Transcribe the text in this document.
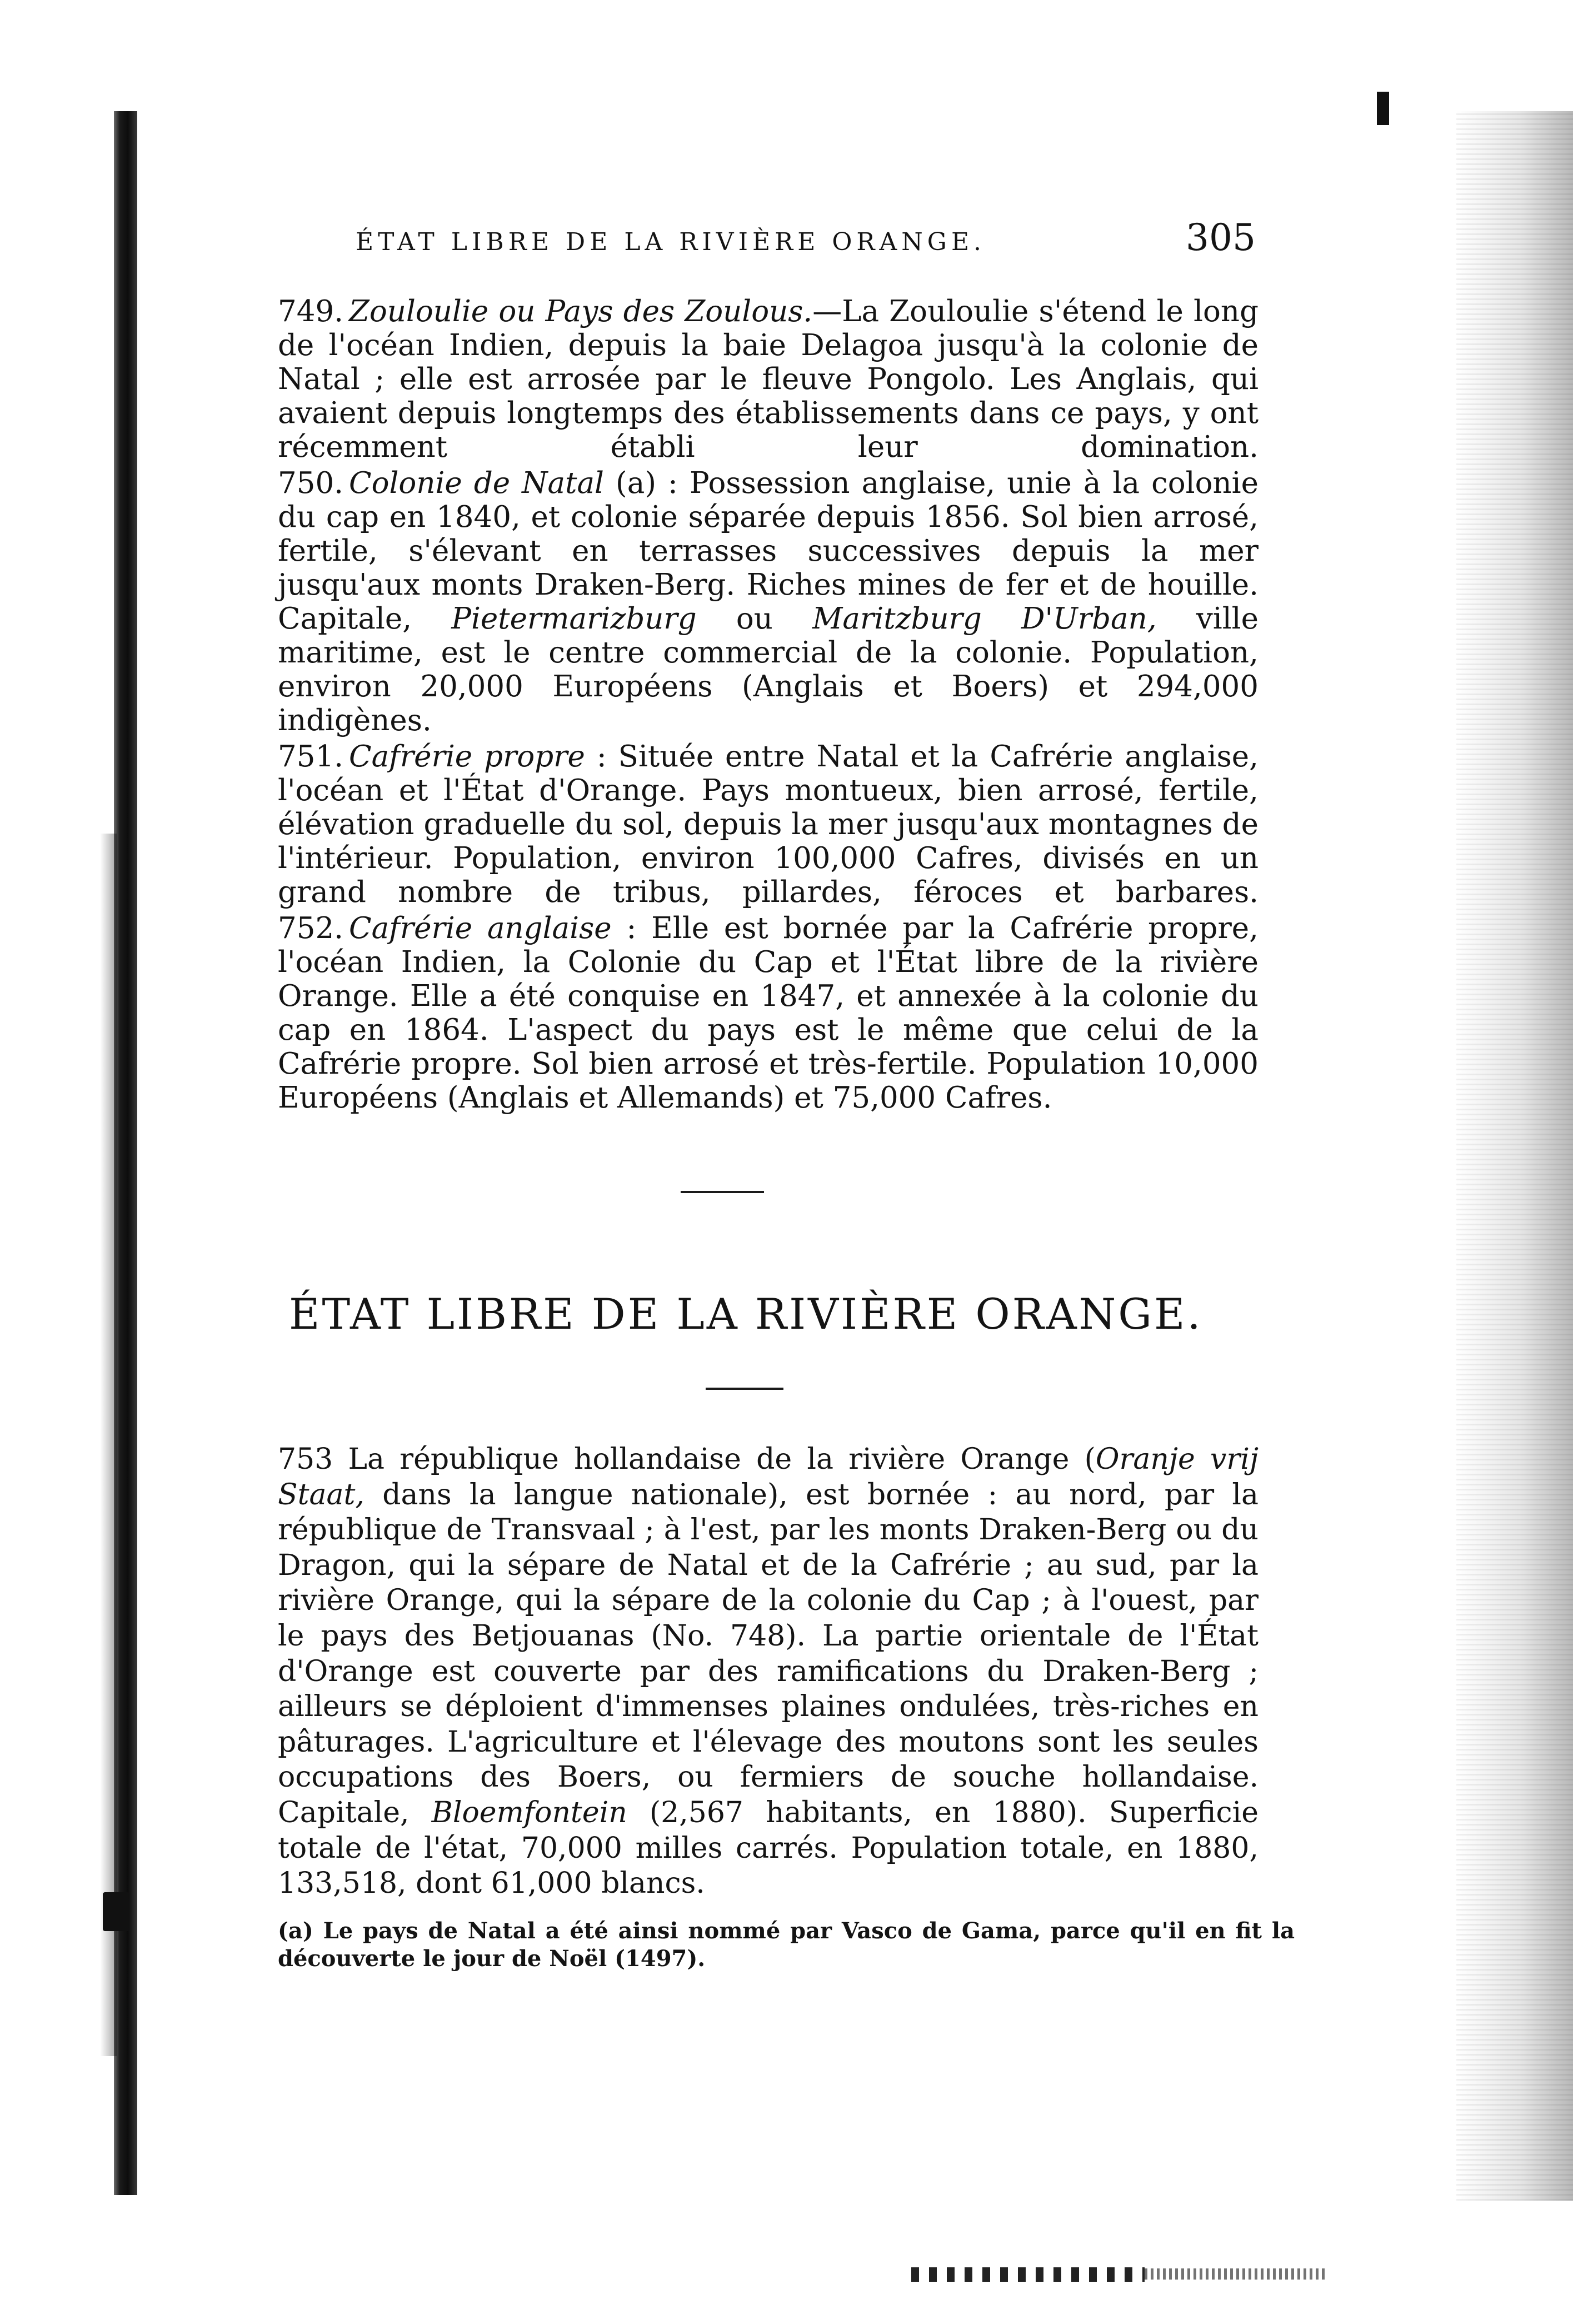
ÉTAT LIBRE DE LA RIVIÈRE ORANGE.	305

749. Zouloulie ou Pays des Zoulous.—La Zouloulie s'étend le long de l'océan Indien, depuis la baie Delagoa jusqu'à la colonie de Natal ; elle est arrosée par le fleuve Pongolo. Les Anglais, qui avaient depuis longtemps des établissements dans ce pays, y ont récemment établi leur domination.

750. Colonie de Natal (a) : Possession anglaise, unie à la colonie du cap en 1840, et colonie séparée depuis 1856. Sol bien arrosé, fertile, s'élevant en terrasses successives depuis la mer jusqu'aux monts Draken-Berg. Riches mines de fer et de houille. Capitale, Pietermarizburg ou Maritzburg D'Urban, ville maritime, est le centre commercial de la colonie. Population, environ 20,000 Européens (Anglais et Boers) et 294,000 indigènes.

751. Cafrérie propre : Située entre Natal et la Cafrérie anglaise, l'océan et l'État d'Orange. Pays montueux, bien arrosé, fertile, élévation graduelle du sol, depuis la mer jusqu'aux montagnes de l'intérieur. Population, environ 100,000 Cafres, divisés en un grand nombre de tribus, pillardes, féroces et barbares.

752. Cafrérie anglaise : Elle est bornée par la Cafrérie propre, l'océan Indien, la Colonie du Cap et l'État libre de la rivière Orange. Elle a été conquise en 1847, et annexée à la colonie du cap en 1864. L'aspect du pays est le même que celui de la Cafrérie propre. Sol bien arrosé et très-fertile. Population 10,000 Européens (Anglais et Allemands) et 75,000 Cafres.

ÉTAT LIBRE DE LA RIVIÈRE ORANGE.

753 La république hollandaise de la rivière Orange (Oranje vrij Staat, dans la langue nationale), est bornée : au nord, par la république de Transvaal ; à l'est, par les monts Draken-Berg ou du Dragon, qui la sépare de Natal et de la Cafrérie ; au sud, par la rivière Orange, qui la sépare de la colonie du Cap ; à l'ouest, par le pays des Betjouanas (No. 748). La partie orientale de l'État d'Orange est couverte par des ramifications du Draken-Berg ; ailleurs se déploient d'immenses plaines ondulées, très-riches en pâturages. L'agriculture et l'élevage des moutons sont les seules occupations des Boers, ou fermiers de souche hollandaise. Capitale, Bloemfontein (2,567 habitants, en 1880). Superficie totale de l'état, 70,000 milles carrés. Population totale, en 1880, 133,518, dont 61,000 blancs.

(a) Le pays de Natal a été ainsi nommé par Vasco de Gama, parce qu'il en fit la découverte le jour de Noël (1497).
